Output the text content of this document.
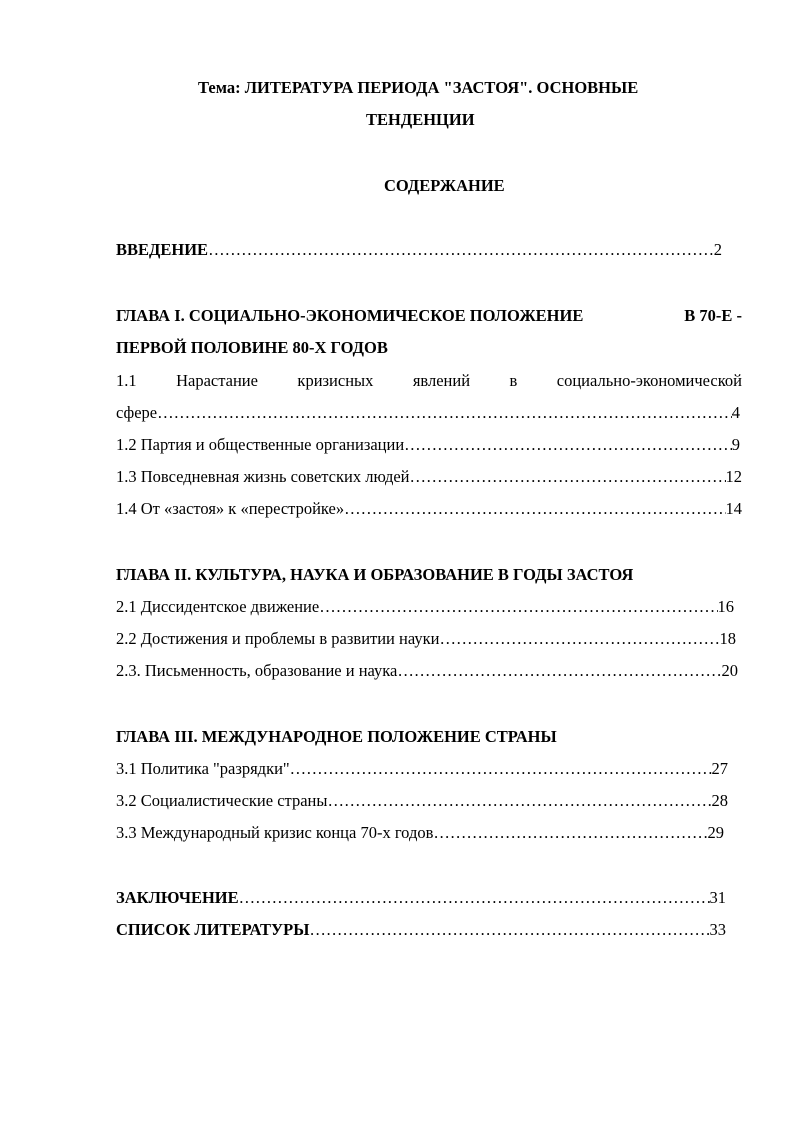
Тема: ЛИТЕРАТУРА ПЕРИОДА "ЗАСТОЯ". ОСНОВНЫЕ
ТЕНДЕНЦИИ
СОДЕРЖАНИЕ
ВВЕДЕНИЕ …………………………………………………………………………………………………………………………………………………………………………………………………………………………	2
ГЛАВА I. СОЦИАЛЬНО-ЭКОНОМИЧЕСКОЕ ПОЛОЖЕНИЕ	В 70-Е -
ПЕРВОЙ ПОЛОВИНЕ 80-Х ГОДОВ
1.1 Нарастание кризисных явлений в социально-экономической
сфере …………………………………………………………………………………………………………………………………………………………………………………………………………………………	4
1.2 Партия и общественные организации …………………………………………………………………………………………………………………………………………………………………………………………………………………………	9
1.3 Повседневная жизнь советских людей …………………………………………………………………………………………………………………………………………………………………………………………………………………………	12
1.4 От «застоя» к «перестройке» …………………………………………………………………………………………………………………………………………………………………………………………………………………………	14
ГЛАВА II. КУЛЬТУРА, НАУКА И ОБРАЗОВАНИЕ В ГОДЫ ЗАСТОЯ
2.1 Диссидентское движение …………………………………………………………………………………………………………………………………………………………………………………………………………………………	16
2.2 Достижения и проблемы в развитии науки …………………………………………………………………………………………………………………………………………………………………………………………………………………………	18
2.3. Письменность, образование и наука …………………………………………………………………………………………………………………………………………………………………………………………………………………………	20
ГЛАВА III. МЕЖДУНАРОДНОЕ ПОЛОЖЕНИЕ СТРАНЫ
3.1 Политика "разрядки" …………………………………………………………………………………………………………………………………………………………………………………………………………………………	27
3.2 Социалистические страны …………………………………………………………………………………………………………………………………………………………………………………………………………………………	28
3.3 Международный кризис конца 70-х годов …………………………………………………………………………………………………………………………………………………………………………………………………………………………	29
ЗАКЛЮЧЕНИЕ …………………………………………………………………………………………………………………………………………………………………………………………………………………………	31
СПИСОК ЛИТЕРАТУРЫ …………………………………………………………………………………………………………………………………………………………………………………………………………………………	33
